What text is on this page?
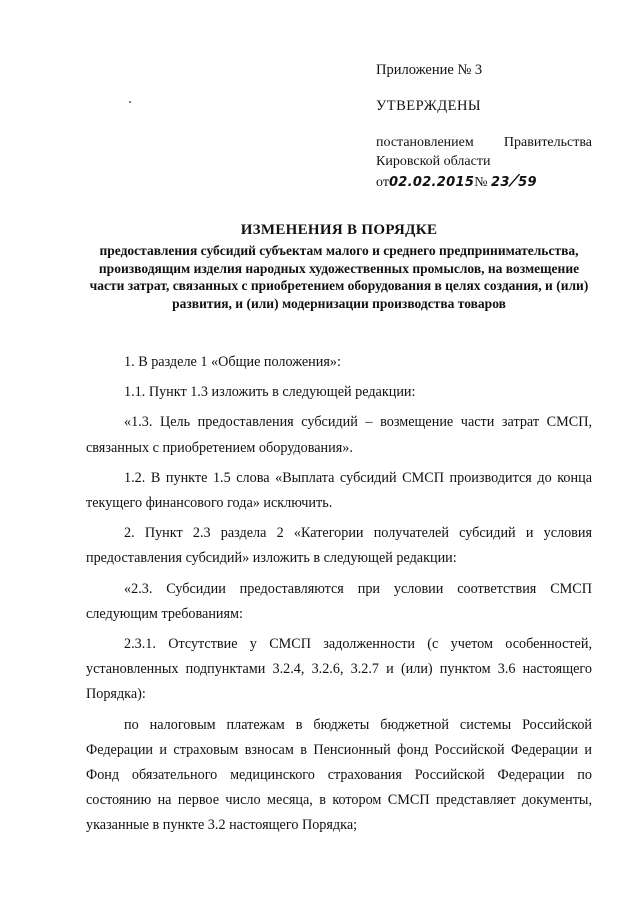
Приложение № 3
УТВЕРЖДЕНЫ
постановлением Правительства
Кировской области
от02.02.2015№ 23/59
ИЗМЕНЕНИЯ В ПОРЯДКЕ
предоставления субсидий субъектам малого и среднего предпринимательства, производящим изделия народных художественных промыслов, на возмещение части затрат, связанных с приобретением оборудования в целях создания, и (или) развития, и (или) модернизации производства товаров

1. В разделе 1 «Общие положения»:

1.1. Пункт 1.3 изложить в следующей редакции:

«1.3. Цель предоставления субсидий – возмещение части затрат СМСП, связанных с приобретением оборудования».

1.2. В пункте 1.5 слова «Выплата субсидий СМСП производится до конца текущего финансового года» исключить.

2. Пункт 2.3 раздела 2 «Категории получателей субсидий и условия предоставления субсидий» изложить в следующей редакции:

«2.3. Субсидии предоставляются при условии соответствия СМСП следующим требованиям:

2.3.1. Отсутствие у СМСП задолженности (с учетом особенностей, установленных подпунктами 3.2.4, 3.2.6, 3.2.7 и (или) пунктом 3.6 настоящего Порядка):

по налоговым платежам в бюджеты бюджетной системы Российской Федерации и страховым взносам в Пенсионный фонд Российской Федерации и Фонд обязательного медицинского страхования Российской Федерации по состоянию на первое число месяца, в котором СМСП представляет документы, указанные в пункте 3.2 настоящего Порядка;
